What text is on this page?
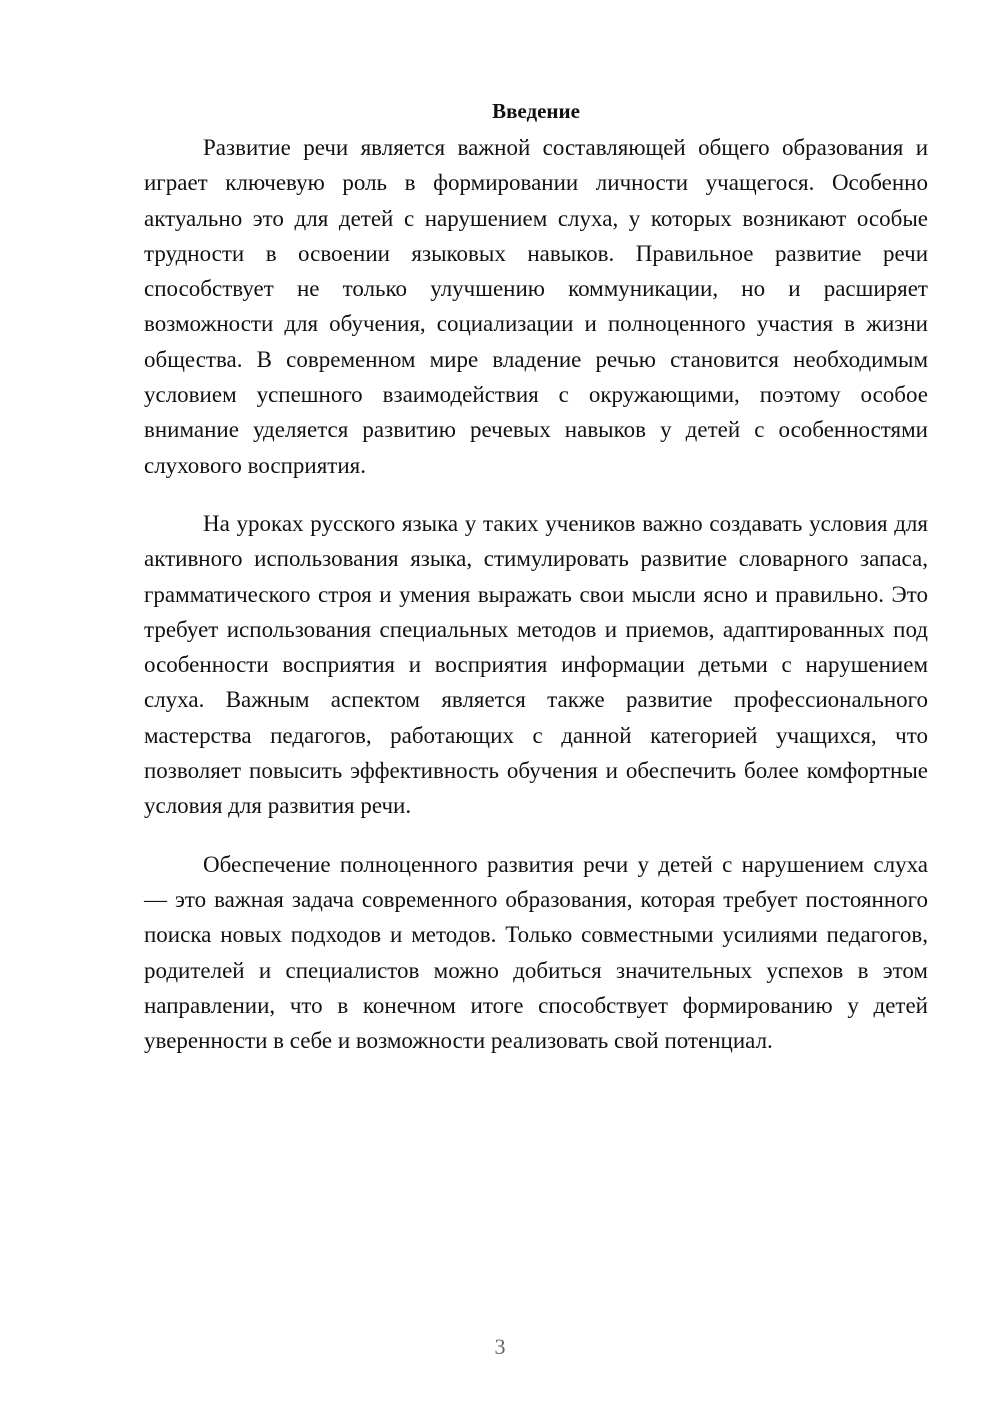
Введение

Развитие речи является важной составляющей общего образования и играет ключевую роль в формировании личности учащегося. Особенно актуально это для детей с нарушением слуха, у которых возникают особые трудности в освоении языковых навыков. Правильное развитие речи способствует не только улучшению коммуникации, но и расширяет возможности для обучения, социализации и полноценного участия в жизни общества. В современном мире владение речью становится необходимым условием успешного взаимодействия с окружающими, поэтому особое внимание уделяется развитию речевых навыков у детей с особенностями слухового восприятия.

На уроках русского языка у таких учеников важно создавать условия для активного использования языка, стимулировать развитие словарного запаса, грамматического строя и умения выражать свои мысли ясно и правильно. Это требует использования специальных методов и приемов, адаптированных под особенности восприятия и восприятия информации детьми с нарушением слуха. Важным аспектом является также развитие профессионального мастерства педагогов, работающих с данной категорией учащихся, что позволяет повысить эффективность обучения и обеспечить более комфортные условия для развития речи.

Обеспечение полноценного развития речи у детей с нарушением слуха — это важная задача современного образования, которая требует постоянного поиска новых подходов и методов. Только совместными усилиями педагогов, родителей и специалистов можно добиться значительных успехов в этом направлении, что в конечном итоге способствует формированию у детей уверенности в себе и возможности реализовать свой потенциал.

3
